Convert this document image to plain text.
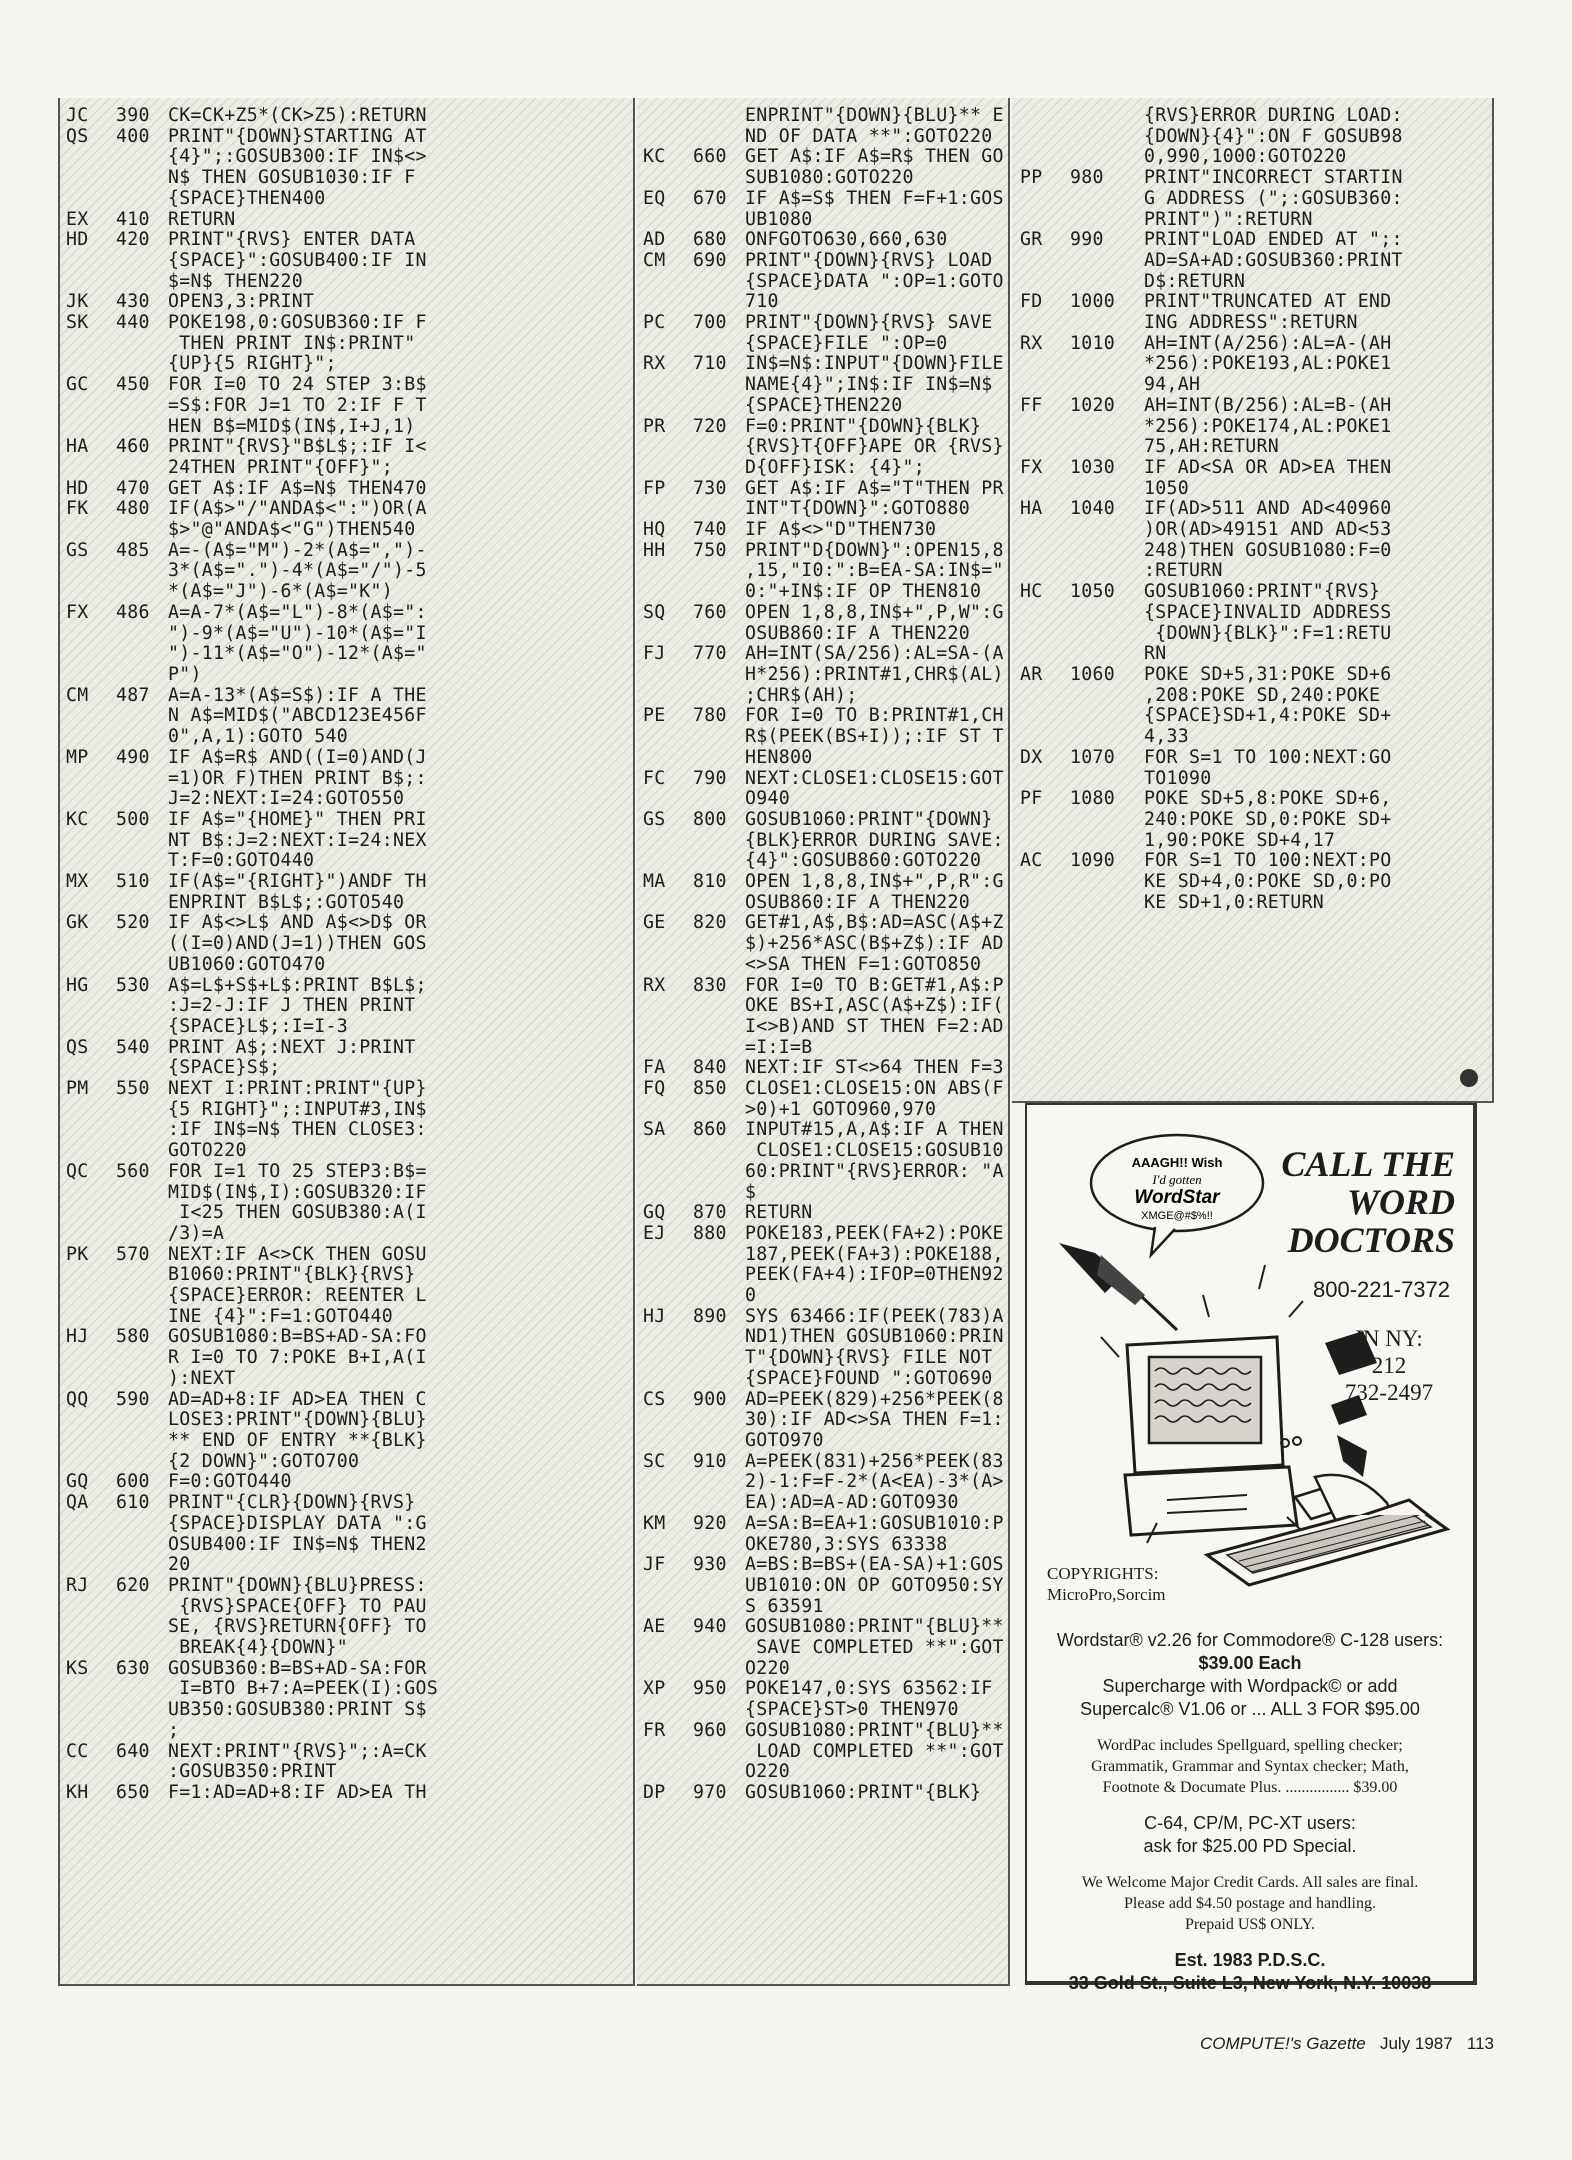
JC	390	CK=CK+Z5*(CK>Z5):RETURN
QS	400	PRINT"{DOWN}STARTING AT
{4}";:GOSUB300:IF IN$<>
N$ THEN GOSUB1030:IF F
{SPACE}THEN400
EX	410	RETURN
HD	420	PRINT"{RVS} ENTER DATA
{SPACE}":GOSUB400:IF IN
$=N$ THEN220
JK	430	OPEN3,3:PRINT
SK	440	POKE198,0:GOSUB360:IF F
THEN PRINT IN$:PRINT"
{UP}{5 RIGHT}";
GC	450	FOR I=0 TO 24 STEP 3:B$
=S$:FOR J=1 TO 2:IF F T
HEN B$=MID$(IN$,I+J,1)
HA	460	PRINT"{RVS}"B$L$;:IF I<
24THEN PRINT"{OFF}";
HD	470	GET A$:IF A$=N$ THEN470
FK	480	IF(A$>"/"ANDA$<":")OR(A
$>"@"ANDA$<"G")THEN540
GS	485	A=-(A$="M")-2*(A$=",")-
3*(A$=".")-4*(A$="/")-5
*(A$="J")-6*(A$="K")
FX	486	A=A-7*(A$="L")-8*(A$=":
")-9*(A$="U")-10*(A$="I
")-11*(A$="O")-12*(A$="
P")
CM	487	A=A-13*(A$=S$):IF A THE
N A$=MID$("ABCD123E456F
0",A,1):GOTO 540
MP	490	IF A$=R$ AND((I=0)AND(J
=1)OR F)THEN PRINT B$;:
J=2:NEXT:I=24:GOTO550
KC	500	IF A$="{HOME}" THEN PRI
NT B$:J=2:NEXT:I=24:NEX
T:F=0:GOTO440
MX	510	IF(A$="{RIGHT}")ANDF TH
ENPRINT B$L$;:GOTO540
GK	520	IF A$<>L$ AND A$<>D$ OR
((I=0)AND(J=1))THEN GOS
UB1060:GOTO470
HG	530	A$=L$+S$+L$:PRINT B$L$;
:J=2-J:IF J THEN PRINT
{SPACE}L$;:I=I-3
QS	540	PRINT A$;:NEXT J:PRINT
{SPACE}S$;
PM	550	NEXT I:PRINT:PRINT"{UP}
{5 RIGHT}";:INPUT#3,IN$
:IF IN$=N$ THEN CLOSE3:
GOTO220
QC	560	FOR I=1 TO 25 STEP3:B$=
MID$(IN$,I):GOSUB320:IF
I<25 THEN GOSUB380:A(I
/3)=A
PK	570	NEXT:IF A<>CK THEN GOSU
B1060:PRINT"{BLK}{RVS}
{SPACE}ERROR: REENTER L
INE {4}":F=1:GOTO440
HJ	580	GOSUB1080:B=BS+AD-SA:FO
R I=0 TO 7:POKE B+I,A(I
):NEXT
QQ	590	AD=AD+8:IF AD>EA THEN C
LOSE3:PRINT"{DOWN}{BLU}
** END OF ENTRY **{BLK}
{2 DOWN}":GOTO700
GQ	600	F=0:GOTO440
QA	610	PRINT"{CLR}{DOWN}{RVS}
{SPACE}DISPLAY DATA ":G
OSUB400:IF IN$=N$ THEN2
20
RJ	620	PRINT"{DOWN}{BLU}PRESS:
{RVS}SPACE{OFF} TO PAU
SE, {RVS}RETURN{OFF} TO
BREAK{4}{DOWN}"
KS	630	GOSUB360:B=BS+AD-SA:FOR
I=BTO B+7:A=PEEK(I):GOS
UB350:GOSUB380:PRINT S$
;
CC	640	NEXT:PRINT"{RVS}";:A=CK
:GOSUB350:PRINT
KH	650	F=1:AD=AD+8:IF AD>EA TH
ENPRINT"{DOWN}{BLU}** E
ND OF DATA **":GOTO220
KC	660	GET A$:IF A$=R$ THEN GO
SUB1080:GOTO220
EQ	670	IF A$=S$ THEN F=F+1:GOS
UB1080
AD	680	ONFGOTO630,660,630
CM	690	PRINT"{DOWN}{RVS} LOAD
{SPACE}DATA ":OP=1:GOTO
710
PC	700	PRINT"{DOWN}{RVS} SAVE
{SPACE}FILE ":OP=0
RX	710	IN$=N$:INPUT"{DOWN}FILE
NAME{4}";IN$:IF IN$=N$
{SPACE}THEN220
PR	720	F=0:PRINT"{DOWN}{BLK}
{RVS}T{OFF}APE OR {RVS}
D{OFF}ISK: {4}";
FP	730	GET A$:IF A$="T"THEN PR
INT"T{DOWN}":GOTO880
HQ	740	IF A$<>"D"THEN730
HH	750	PRINT"D{DOWN}":OPEN15,8
,15,"I0:":B=EA-SA:IN$="
0:"+IN$:IF OP THEN810
SQ	760	OPEN 1,8,8,IN$+",P,W":G
OSUB860:IF A THEN220
FJ	770	AH=INT(SA/256):AL=SA-(A
H*256):PRINT#1,CHR$(AL)
;CHR$(AH);
PE	780	FOR I=0 TO B:PRINT#1,CH
R$(PEEK(BS+I));:IF ST T
HEN800
FC	790	NEXT:CLOSE1:CLOSE15:GOT
O940
GS	800	GOSUB1060:PRINT"{DOWN}
{BLK}ERROR DURING SAVE:
{4}":GOSUB860:GOTO220
MA	810	OPEN 1,8,8,IN$+",P,R":G
OSUB860:IF A THEN220
GE	820	GET#1,A$,B$:AD=ASC(A$+Z
$)+256*ASC(B$+Z$):IF AD
<>SA THEN F=1:GOTO850
RX	830	FOR I=0 TO B:GET#1,A$:P
OKE BS+I,ASC(A$+Z$):IF(
I<>B)AND ST THEN F=2:AD
=I:I=B
FA	840	NEXT:IF ST<>64 THEN F=3
FQ	850	CLOSE1:CLOSE15:ON ABS(F
>0)+1 GOTO960,970
SA	860	INPUT#15,A,A$:IF A THEN
CLOSE1:CLOSE15:GOSUB10
60:PRINT"{RVS}ERROR: "A
$
GQ	870	RETURN
EJ	880	POKE183,PEEK(FA+2):POKE
187,PEEK(FA+3):POKE188,
PEEK(FA+4):IFOP=0THEN92
0
HJ	890	SYS 63466:IF(PEEK(783)A
ND1)THEN GOSUB1060:PRIN
T"{DOWN}{RVS} FILE NOT
{SPACE}FOUND ":GOTO690
CS	900	AD=PEEK(829)+256*PEEK(8
30):IF AD<>SA THEN F=1:
GOTO970
SC	910	A=PEEK(831)+256*PEEK(83
2)-1:F=F-2*(A<EA)-3*(A>
EA):AD=A-AD:GOTO930
KM	920	A=SA:B=EA+1:GOSUB1010:P
OKE780,3:SYS 63338
JF	930	A=BS:B=BS+(EA-SA)+1:GOS
UB1010:ON OP GOTO950:SY
S 63591
AE	940	GOSUB1080:PRINT"{BLU}**
SAVE COMPLETED **":GOT
O220
XP	950	POKE147,0:SYS 63562:IF
{SPACE}ST>0 THEN970
FR	960	GOSUB1080:PRINT"{BLU}**
LOAD COMPLETED **":GOT
O220
DP	970	GOSUB1060:PRINT"{BLK}
{RVS}ERROR DURING LOAD:
{DOWN}{4}":ON F GOSUB98
0,990,1000:GOTO220
PP	980	PRINT"INCORRECT STARTIN
G ADDRESS (";:GOSUB360:
PRINT")":RETURN
GR	990	PRINT"LOAD ENDED AT ";:
AD=SA+AD:GOSUB360:PRINT
D$:RETURN
FD	1000	PRINT"TRUNCATED AT END
ING ADDRESS":RETURN
RX	1010	AH=INT(A/256):AL=A-(AH
*256):POKE193,AL:POKE1
94,AH
FF	1020	AH=INT(B/256):AL=B-(AH
*256):POKE174,AL:POKE1
75,AH:RETURN
FX	1030	IF AD<SA OR AD>EA THEN
1050
HA	1040	IF(AD>511 AND AD<40960
)OR(AD>49151 AND AD<53
248)THEN GOSUB1080:F=0
:RETURN
HC	1050	GOSUB1060:PRINT"{RVS}
{SPACE}INVALID ADDRESS
{DOWN}{BLK}":F=1:RETU
RN
AR	1060	POKE SD+5,31:POKE SD+6
,208:POKE SD,240:POKE
{SPACE}SD+1,4:POKE SD+
4,33
DX	1070	FOR S=1 TO 100:NEXT:GO
TO1090
PF	1080	POKE SD+5,8:POKE SD+6,
240:POKE SD,0:POKE SD+
1,90:POKE SD+4,17
AC	1090	FOR S=1 TO 100:NEXT:PO
KE SD+4,0:POKE SD,0:PO
KE SD+1,0:RETURN
AAAGH!! Wish
I'd gotten
WordStar
XMGE@#$%!!
CALL THE
WORD
DOCTORS
800-221-7372
IN NY:
212
732-2497
COPYRIGHTS:
MicroPro,Sorcim

Wordstar® v2.26 for Commodore® C-128 users:

$39.00 Each

Supercharge with Wordpack© or add

Supercalc® V1.06 or ... ALL 3 FOR $95.00

WordPac includes Spellguard, spelling checker;

Grammatik, Grammar and Syntax checker; Math,

Footnote & Documate Plus. ................ $39.00

C-64, CP/M, PC-XT users:

ask for $25.00 PD Special.

We Welcome Major Credit Cards. All sales are final.

Please add $4.50 postage and handling.

Prepaid US$ ONLY.

Est. 1983 P.D.S.C.

33 Gold St., Suite L3, New York, N.Y. 10038

COMPUTE!'s Gazette July 1987 113
